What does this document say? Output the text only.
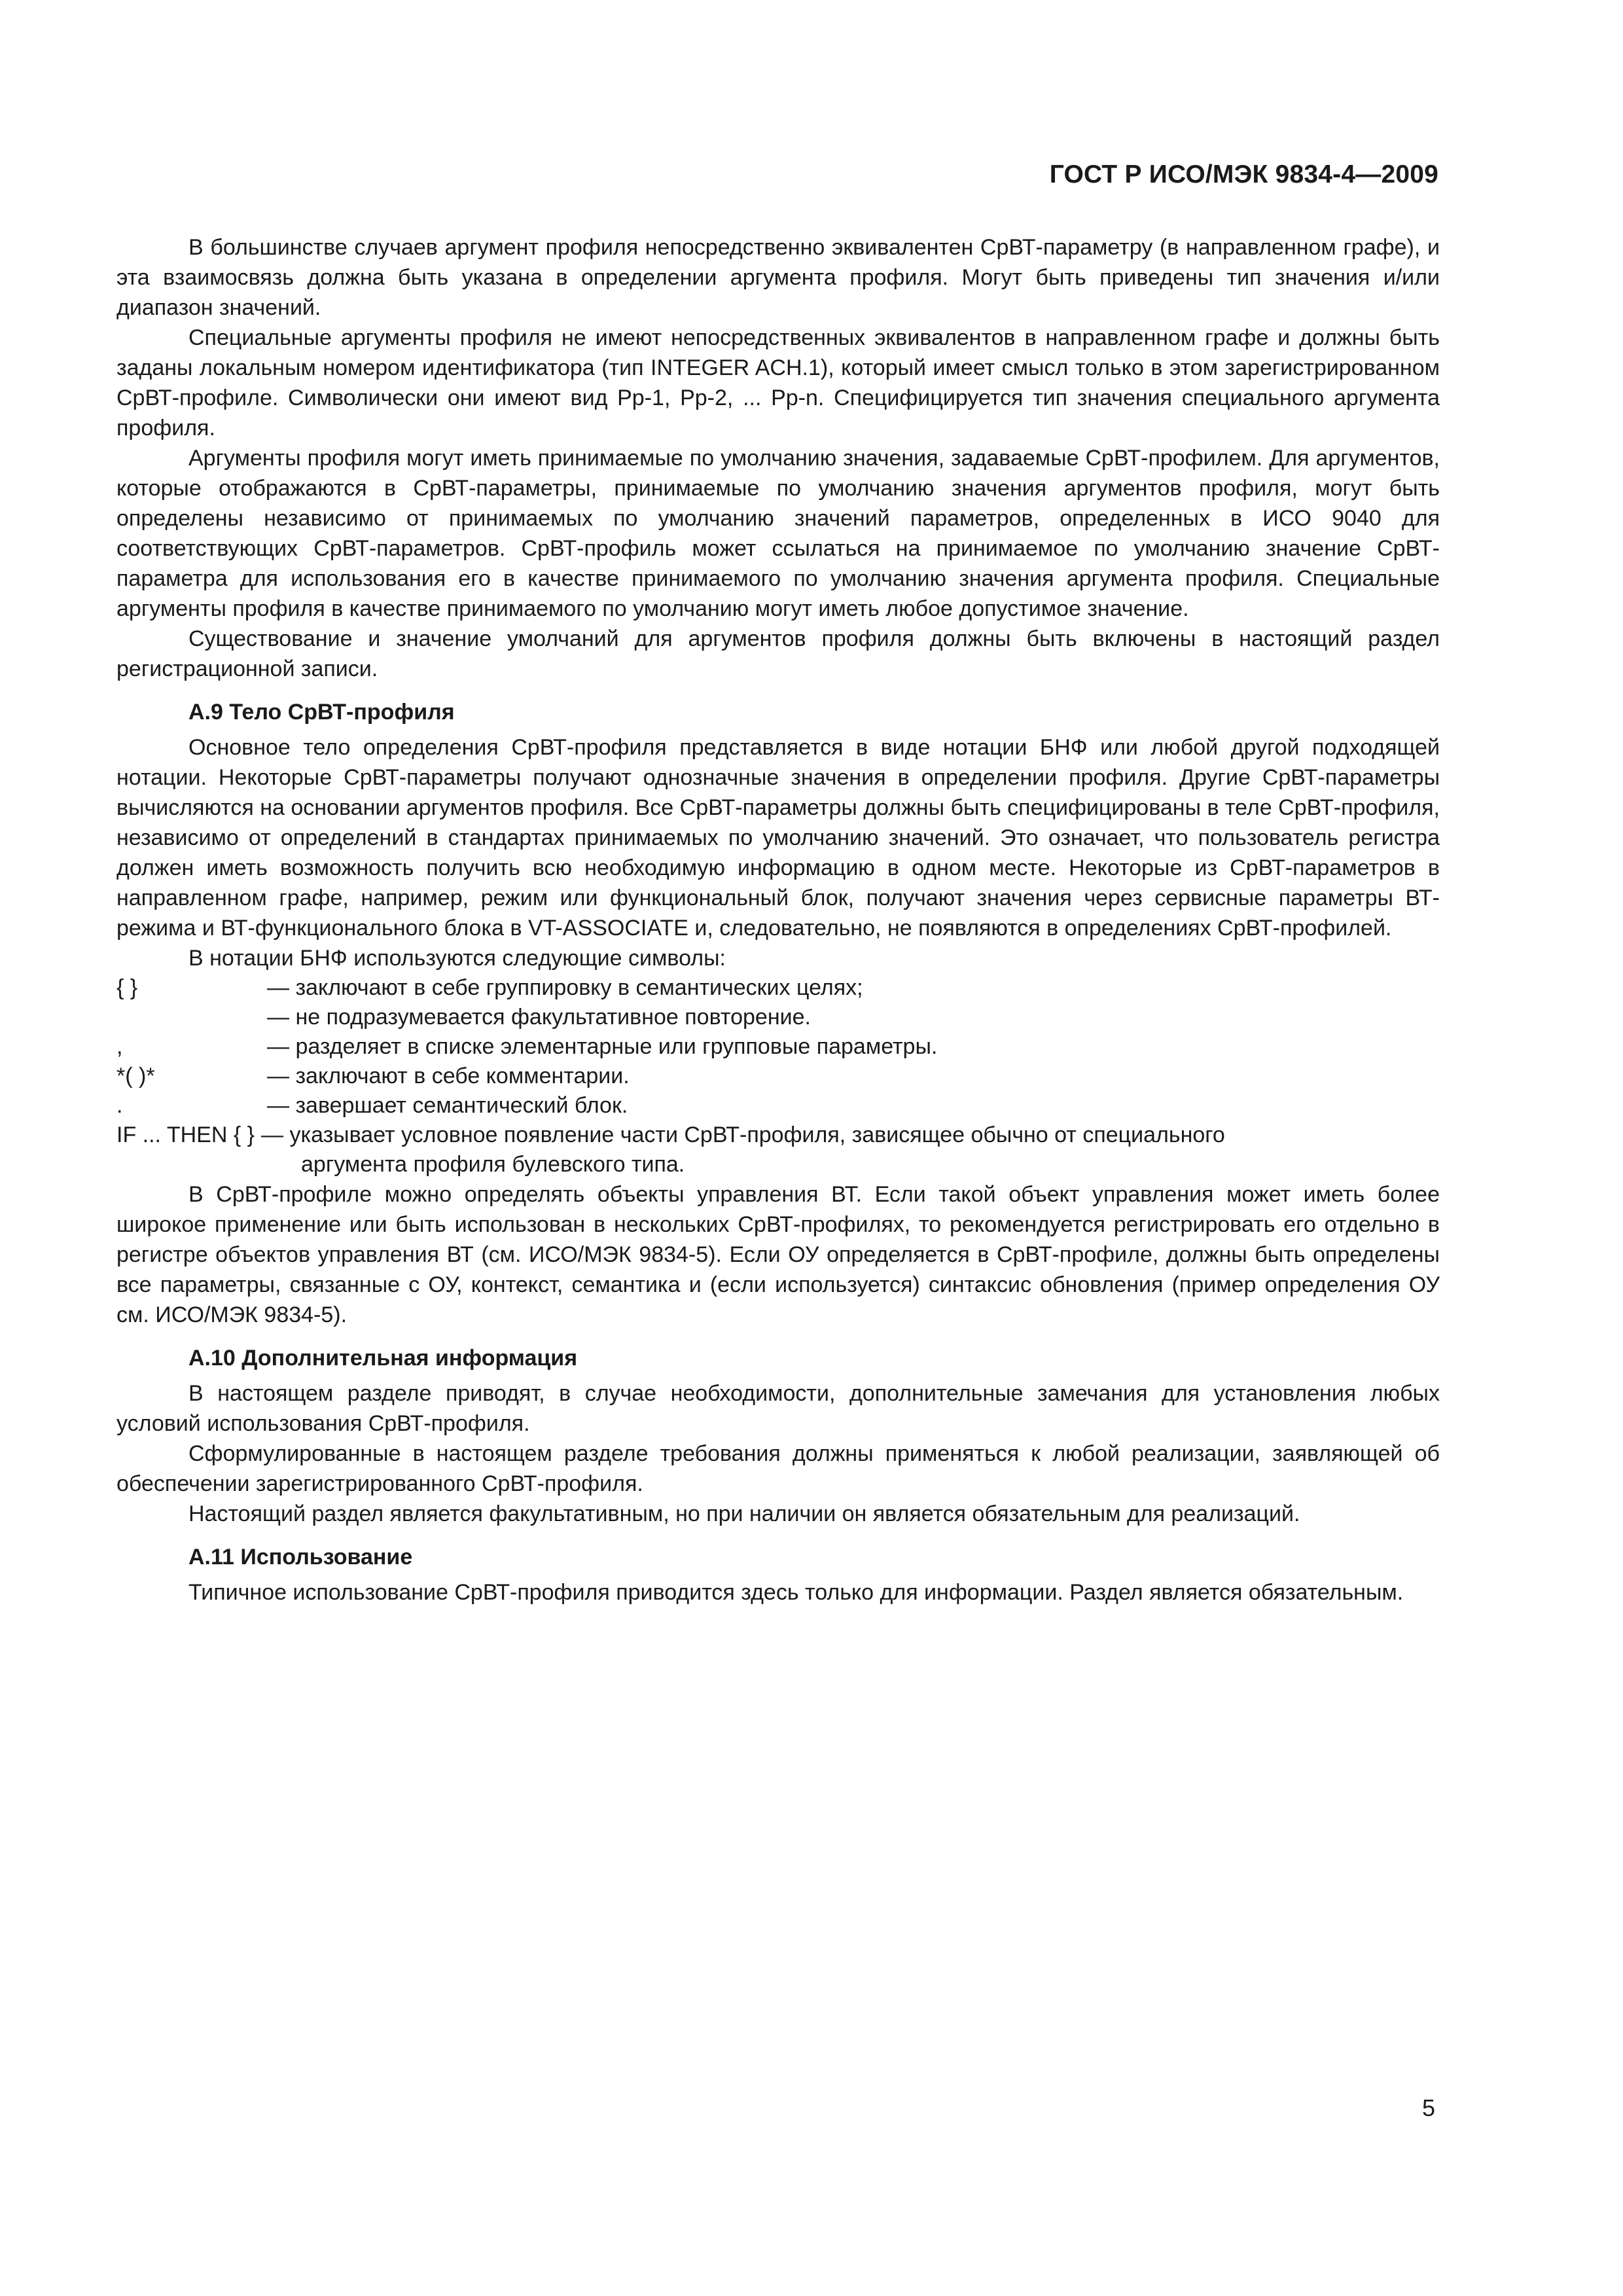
ГОСТ Р ИСО/МЭК 9834-4—2009

В большинстве случаев аргумент профиля непосредственно эквивалентен СрВТ-параметру (в направленном графе), и эта взаимосвязь должна быть указана в определении аргумента профиля. Могут быть приведены тип значения и/или диапазон значений.

Специальные аргументы профиля не имеют непосредственных эквивалентов в направленном графе и должны быть заданы локальным номером идентификатора (тип INTEGER ACH.1), который имеет смысл только в этом зарегистрированном СрВТ-профиле. Символически они имеют вид Рр-1, Рр-2, ... Рр-n. Специфицируется тип значения специального аргумента профиля.

Аргументы профиля могут иметь принимаемые по умолчанию значения, задаваемые СрВТ-профилем. Для аргументов, которые отображаются в СрВТ-параметры, принимаемые по умолчанию значения аргументов профиля, могут быть определены независимо от принимаемых по умолчанию значений параметров, определенных в ИСО 9040 для соответствующих СрВТ-параметров. СрВТ-профиль может ссылаться на принимаемое по умолчанию значение СрВТ-параметра для использования его в качестве принимаемого по умолчанию значения аргумента профиля. Специальные аргументы профиля в качестве принимаемого по умолчанию могут иметь любое допустимое значение.

Существование и значение умолчаний для аргументов профиля должны быть включены в настоящий раздел регистрационной записи.

А.9 Тело СрВТ-профиля

Основное тело определения СрВТ-профиля представляется в виде нотации БНФ или любой другой подходящей нотации. Некоторые СрВТ-параметры получают однозначные значения в определении профиля. Другие СрВТ-параметры вычисляются на основании аргументов профиля. Все СрВТ-параметры должны быть специфицированы в теле СрВТ-профиля, независимо от определений в стандартах принимаемых по умолчанию значений. Это означает, что пользователь регистра должен иметь возможность получить всю необходимую информацию в одном месте. Некоторые из СрВТ-параметров в направленном графе, например, режим или функциональный блок, получают значения через сервисные параметры ВТ-режима и ВТ-функционального блока в VT-ASSOCIATE и, следовательно, не появляются в определениях СрВТ-профилей.

В нотации БНФ используются следующие символы:

{ }	— заключают в себе группировку в семантических целях;
— не подразумевается факультативное повторение.
,	— разделяет в списке элементарные или групповые параметры.
*( )*	— заключают в себе комментарии.
.	— завершает семантический блок.
IF ... THEN { } — указывает условное появление части СрВТ-профиля, зависящее обычно от специального
аргумента профиля булевского типа.

В СрВТ-профиле можно определять объекты управления ВТ. Если такой объект управления может иметь более широкое применение или быть использован в нескольких СрВТ-профилях, то рекомендуется регистрировать его отдельно в регистре объектов управления ВТ (см. ИСО/МЭК 9834-5). Если ОУ определяется в СрВТ-профиле, должны быть определены все параметры, связанные с ОУ, контекст, семантика и (если используется) синтаксис обновления (пример определения ОУ см. ИСО/МЭК 9834-5).

А.10 Дополнительная информация

В настоящем разделе приводят, в случае необходимости, дополнительные замечания для установления любых условий использования СрВТ-профиля.

Сформулированные в настоящем разделе требования должны применяться к любой реализации, заявляющей об обеспечении зарегистрированного СрВТ-профиля.

Настоящий раздел является факультативным, но при наличии он является обязательным для реализаций.

А.11 Использование

Типичное использование СрВТ-профиля приводится здесь только для информации. Раздел является обязательным.

5
